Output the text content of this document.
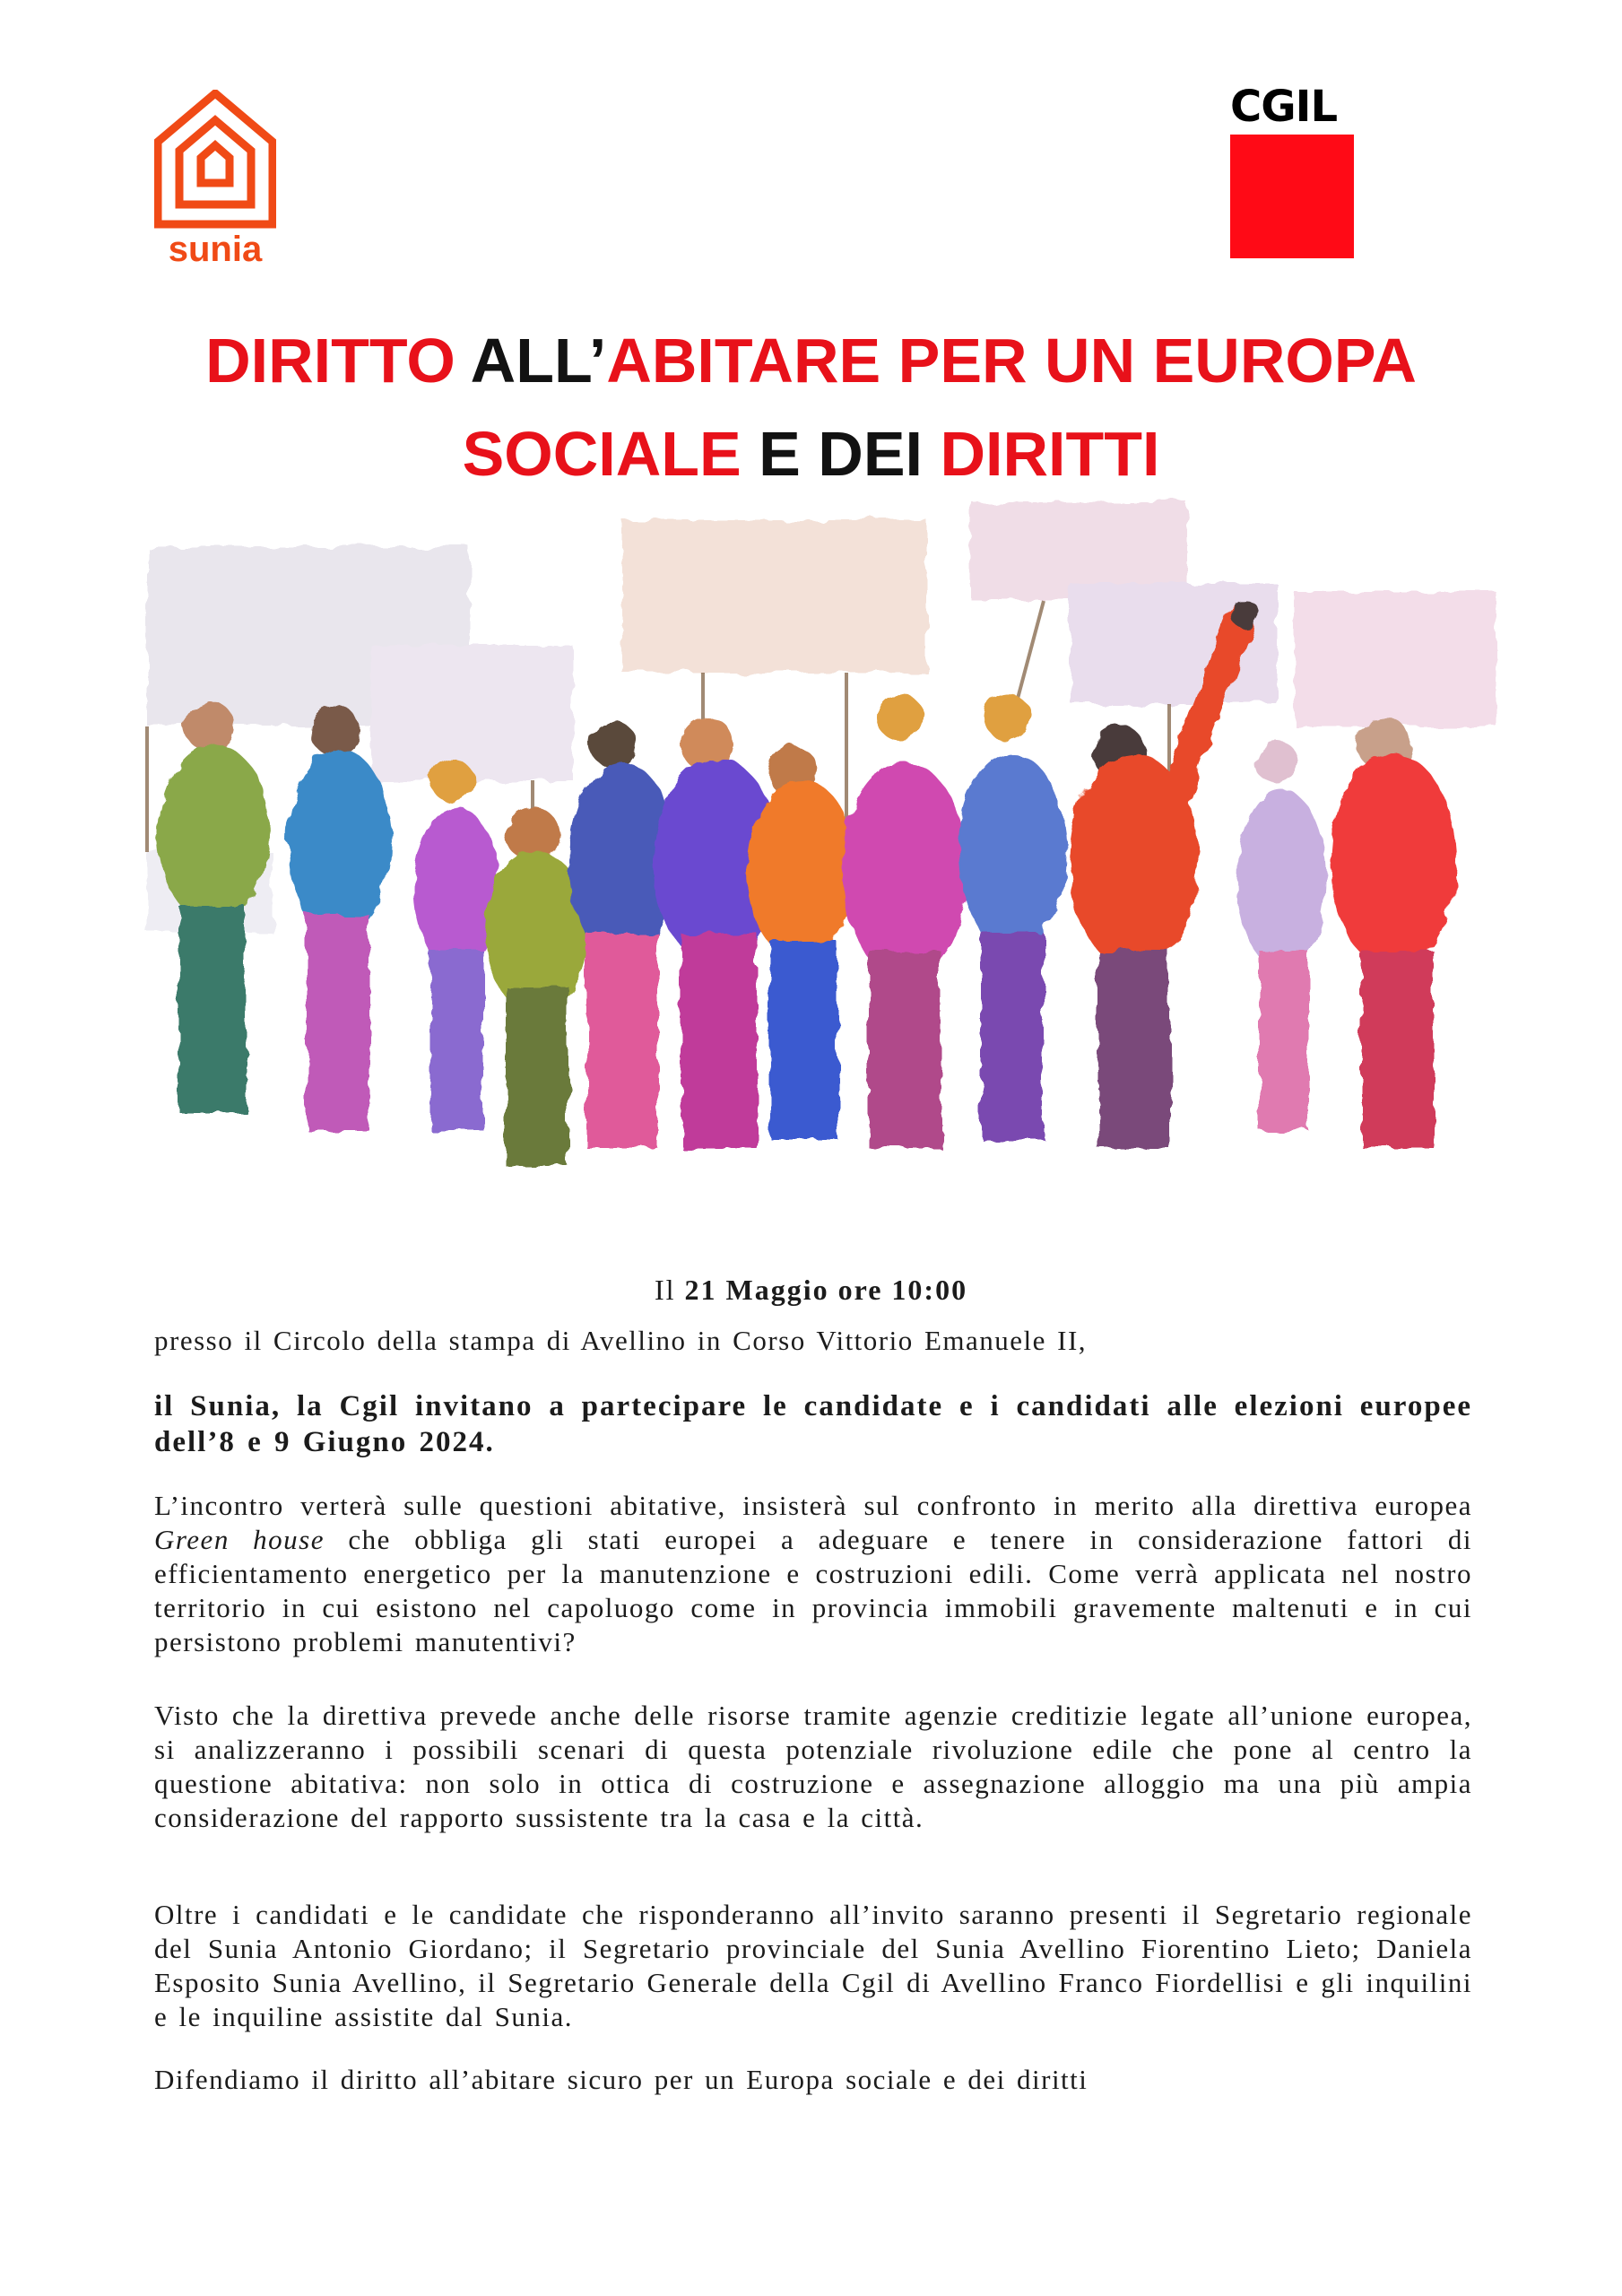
sunia
CGIL
DIRITTO ALL’ABITARE PER UN EUROPA
SOCIALE E DEI DIRITTI
Il 21 Maggio ore 10:00
presso il Circolo della stampa di Avellino in Corso Vittorio Emanuele II,
il Sunia, la Cgil invitano a partecipare le candidate e i candidati alle elezioni europee dell’8 e 9 Giugno 2024.
L’incontro verterà sulle questioni abitative, insisterà sul confronto in merito alla direttiva europea Green house che obbliga gli stati europei a adeguare e tenere in considerazione fattori di efficientamento energetico per la manutenzione e costruzioni edili. Come verrà applicata nel nostro territorio in cui esistono nel capoluogo come in provincia immobili gravemente maltenuti e in cui persistono problemi manutentivi?
Visto che la direttiva prevede anche delle risorse tramite agenzie creditizie legate all’unione europea, si analizzeranno i possibili scenari di questa potenziale rivoluzione edile che pone al centro la questione abitativa: non solo in ottica di costruzione e assegnazione alloggio ma una più ampia considerazione del rapporto sussistente tra la casa e la città.
Oltre i candidati e le candidate che risponderanno all’invito saranno presenti il Segretario regionale del Sunia Antonio Giordano; il Segretario provinciale del Sunia Avellino Fiorentino Lieto; Daniela Esposito Sunia Avellino, il Segretario Generale della Cgil di Avellino Franco Fiordellisi e gli inquilini e le inquiline assistite dal Sunia.
Difendiamo il diritto all’abitare sicuro per un Europa sociale e dei diritti
